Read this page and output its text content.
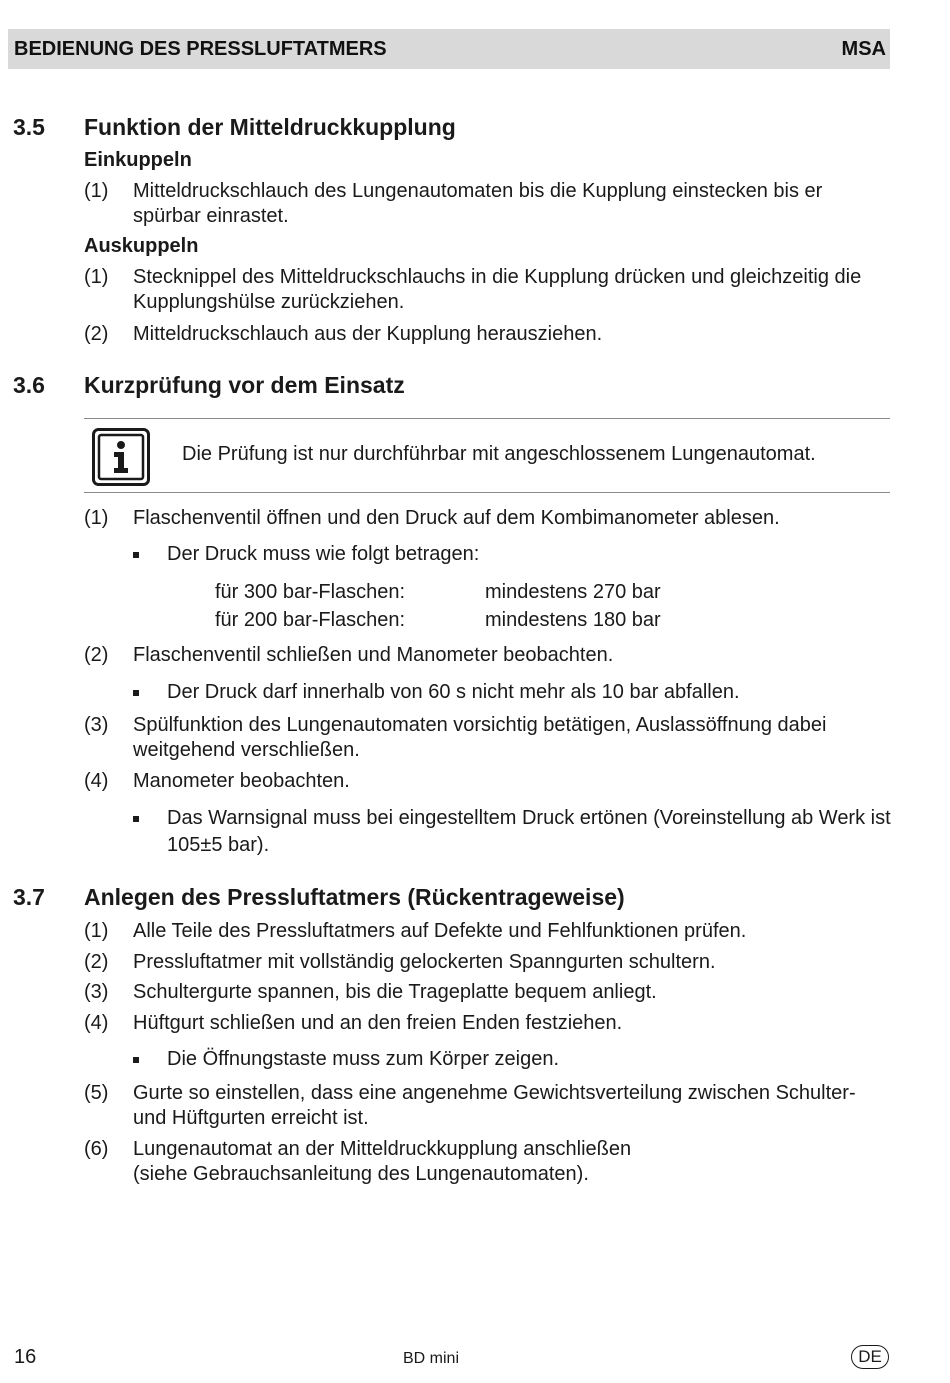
BEDIENUNG DES PRESSLUFTATMERS	MSA
3.5 Funktion der Mitteldruckkupplung
Einkuppeln
(1) Mitteldruckschlauch des Lungenautomaten bis die Kupplung einstecken bis er spürbar einrastet.
Auskuppeln
(1) Stecknippel des Mitteldruckschlauchs in die Kupplung drücken und gleichzeitig die Kupplungshülse zurückziehen.
(2) Mitteldruckschlauch aus der Kupplung herausziehen.
3.6 Kurzprüfung vor dem Einsatz
Die Prüfung ist nur durchführbar mit angeschlossenem Lungenautomat.
(1) Flaschenventil öffnen und den Druck auf dem Kombimanometer ablesen.
Der Druck muss wie folgt betragen:
für 300 bar-Flaschen:	mindestens 270 bar
für 200 bar-Flaschen:	mindestens 180 bar
(2) Flaschenventil schließen und Manometer beobachten.
Der Druck darf innerhalb von 60 s nicht mehr als 10 bar abfallen.
(3) Spülfunktion des Lungenautomaten vorsichtig betätigen, Auslassöffnung dabei weitgehend verschließen.
(4) Manometer beobachten.
Das Warnsignal muss bei eingestelltem Druck ertönen (Voreinstellung ab Werk ist 105±5 bar).
3.7 Anlegen des Pressluftatmers (Rückentrageweise)
(1) Alle Teile des Pressluftatmers auf Defekte und Fehlfunktionen prüfen.
(2) Pressluftatmer mit vollständig gelockerten Spanngurten schultern.
(3) Schultergurte spannen, bis die Trageplatte bequem anliegt.
(4) Hüftgurt schließen und an den freien Enden festziehen.
Die Öffnungstaste muss zum Körper zeigen.
(5) Gurte so einstellen, dass eine angenehme Gewichtsverteilung zwischen Schulter- und Hüftgurten erreicht ist.
(6) Lungenautomat an der Mitteldruckkupplung anschließen
(siehe Gebrauchsanleitung des Lungenautomaten).
16	BD mini	DE
